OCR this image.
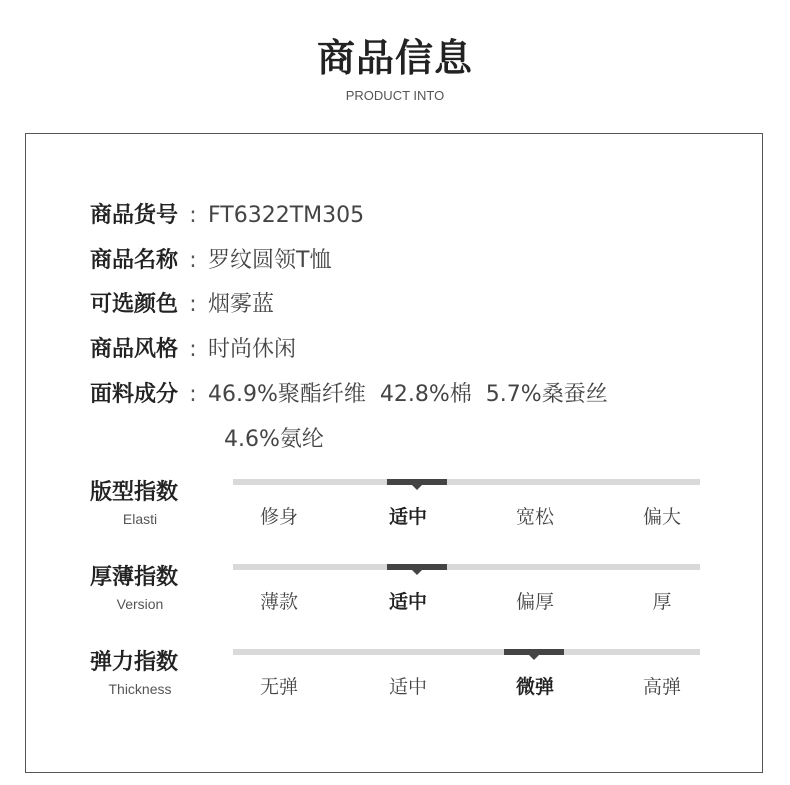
商品信息
PRODUCT INTO
商品货号 : FT6322TM305
商品名称 : 罗纹圆领T恤
可选颜色 : 烟雾蓝
商品风格 : 时尚休闲
面料成分 : 46.9%聚酯纤维 42.8%棉 5.7%桑蚕丝
4.6%氨纶
版型指数
Elasti	修身	适中	宽松	偏大
厚薄指数
Version	薄款	适中	偏厚	厚
弹力指数
Thickness	无弹	适中	微弹	高弹
